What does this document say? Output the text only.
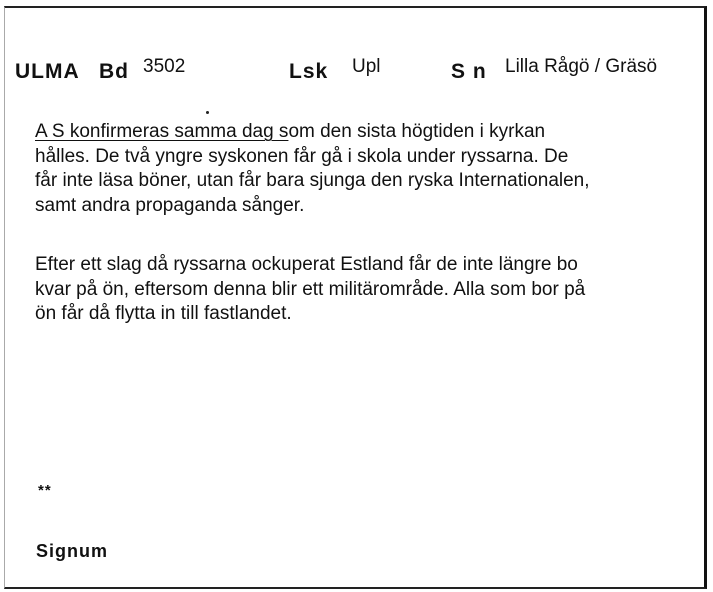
ULMA Bd 3502	Lsk Upl	S n Lilla Rågö / Gräsö
A S konfirmeras samma dag som den sista högtiden i kyrkan
hålles. De två yngre syskonen får gå i skola under ryssarna. De
får inte läsa böner, utan får bara sjunga den ryska Internationalen,
samt andra propaganda sånger.
Efter ett slag då ryssarna ockuperat Estland får de inte längre bo
kvar på ön, eftersom denna blir ett militärområde. Alla som bor på
ön får då flytta in till fastlandet.
**
Signum
